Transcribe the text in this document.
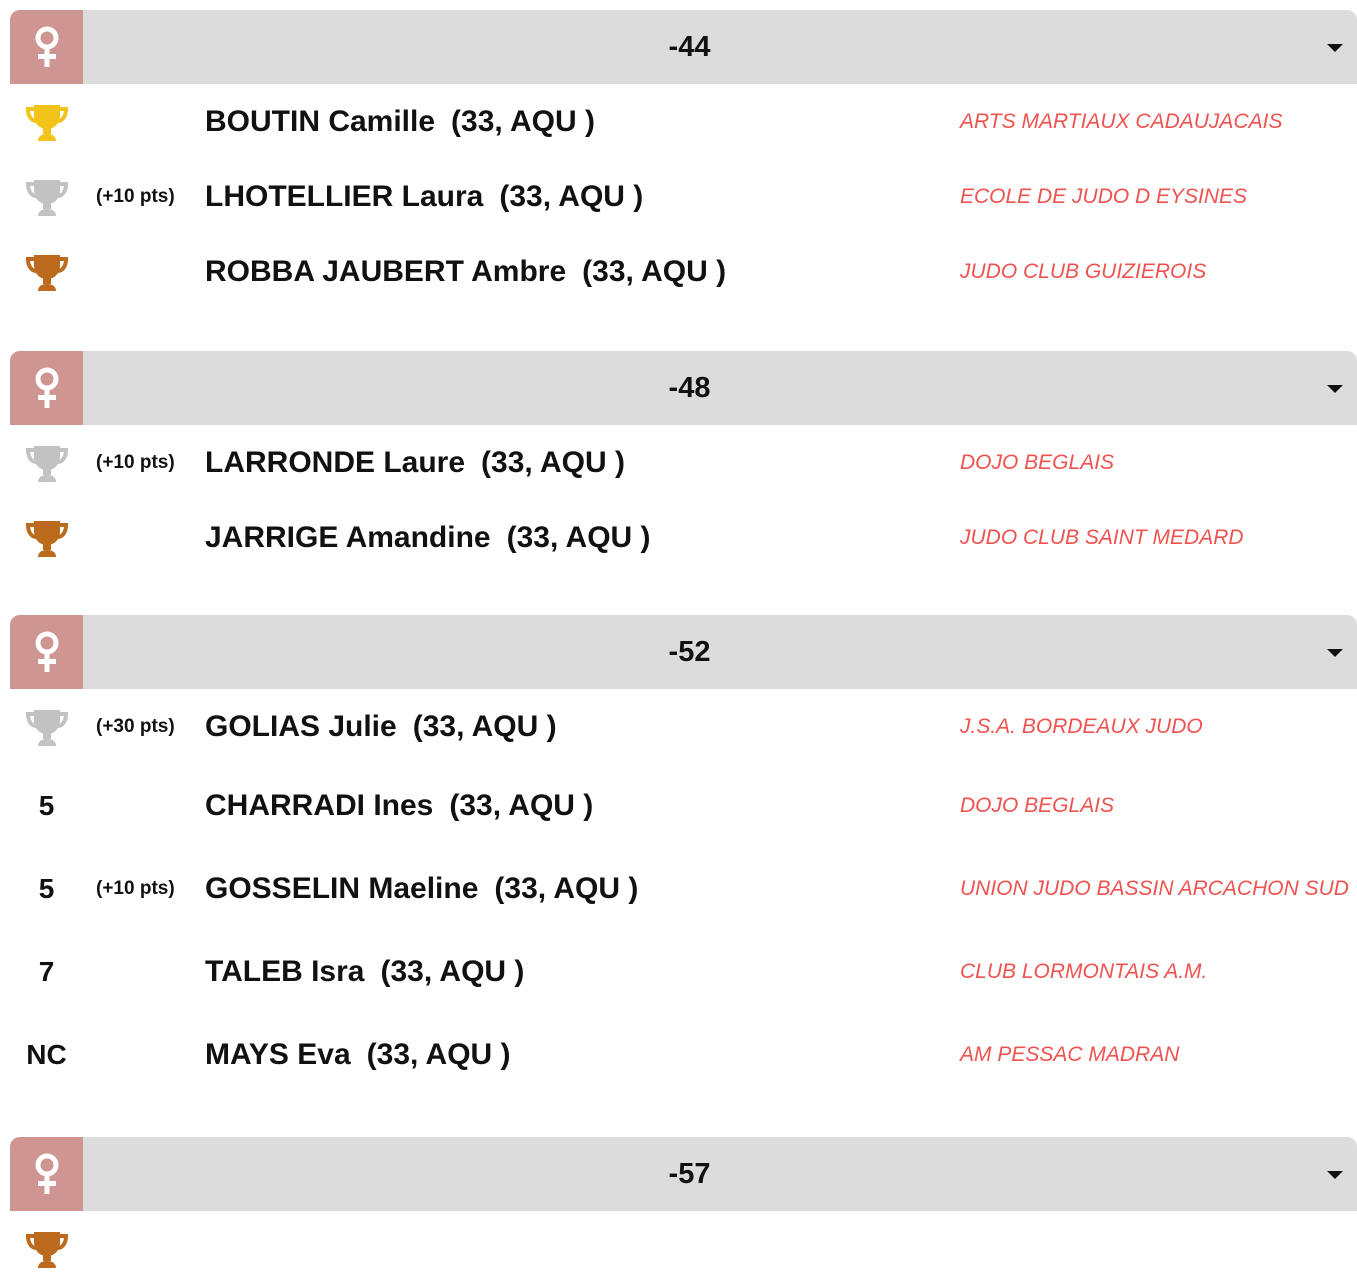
-44
BOUTIN Camille (33, AQU )	ARTS MARTIAUX CADAUJACAIS
(+10 pts) LHOTELLIER Laura (33, AQU )	ECOLE DE JUDO D EYSINES
ROBBA JAUBERT Ambre (33, AQU )	JUDO CLUB GUIZIEROIS
-48
(+10 pts) LARRONDE Laure (33, AQU )	DOJO BEGLAIS
JARRIGE Amandine (33, AQU )	JUDO CLUB SAINT MEDARD
-52
(+30 pts) GOLIAS Julie (33, AQU )	J.S.A. BORDEAUX JUDO
5	CHARRADI Ines (33, AQU )	DOJO BEGLAIS
5 (+10 pts) GOSSELIN Maeline (33, AQU )	UNION JUDO BASSIN ARCACHON SUD
7	TALEB Isra (33, AQU )	CLUB LORMONTAIS A.M.
NC	MAYS Eva (33, AQU )	AM PESSAC MADRAN
-57
